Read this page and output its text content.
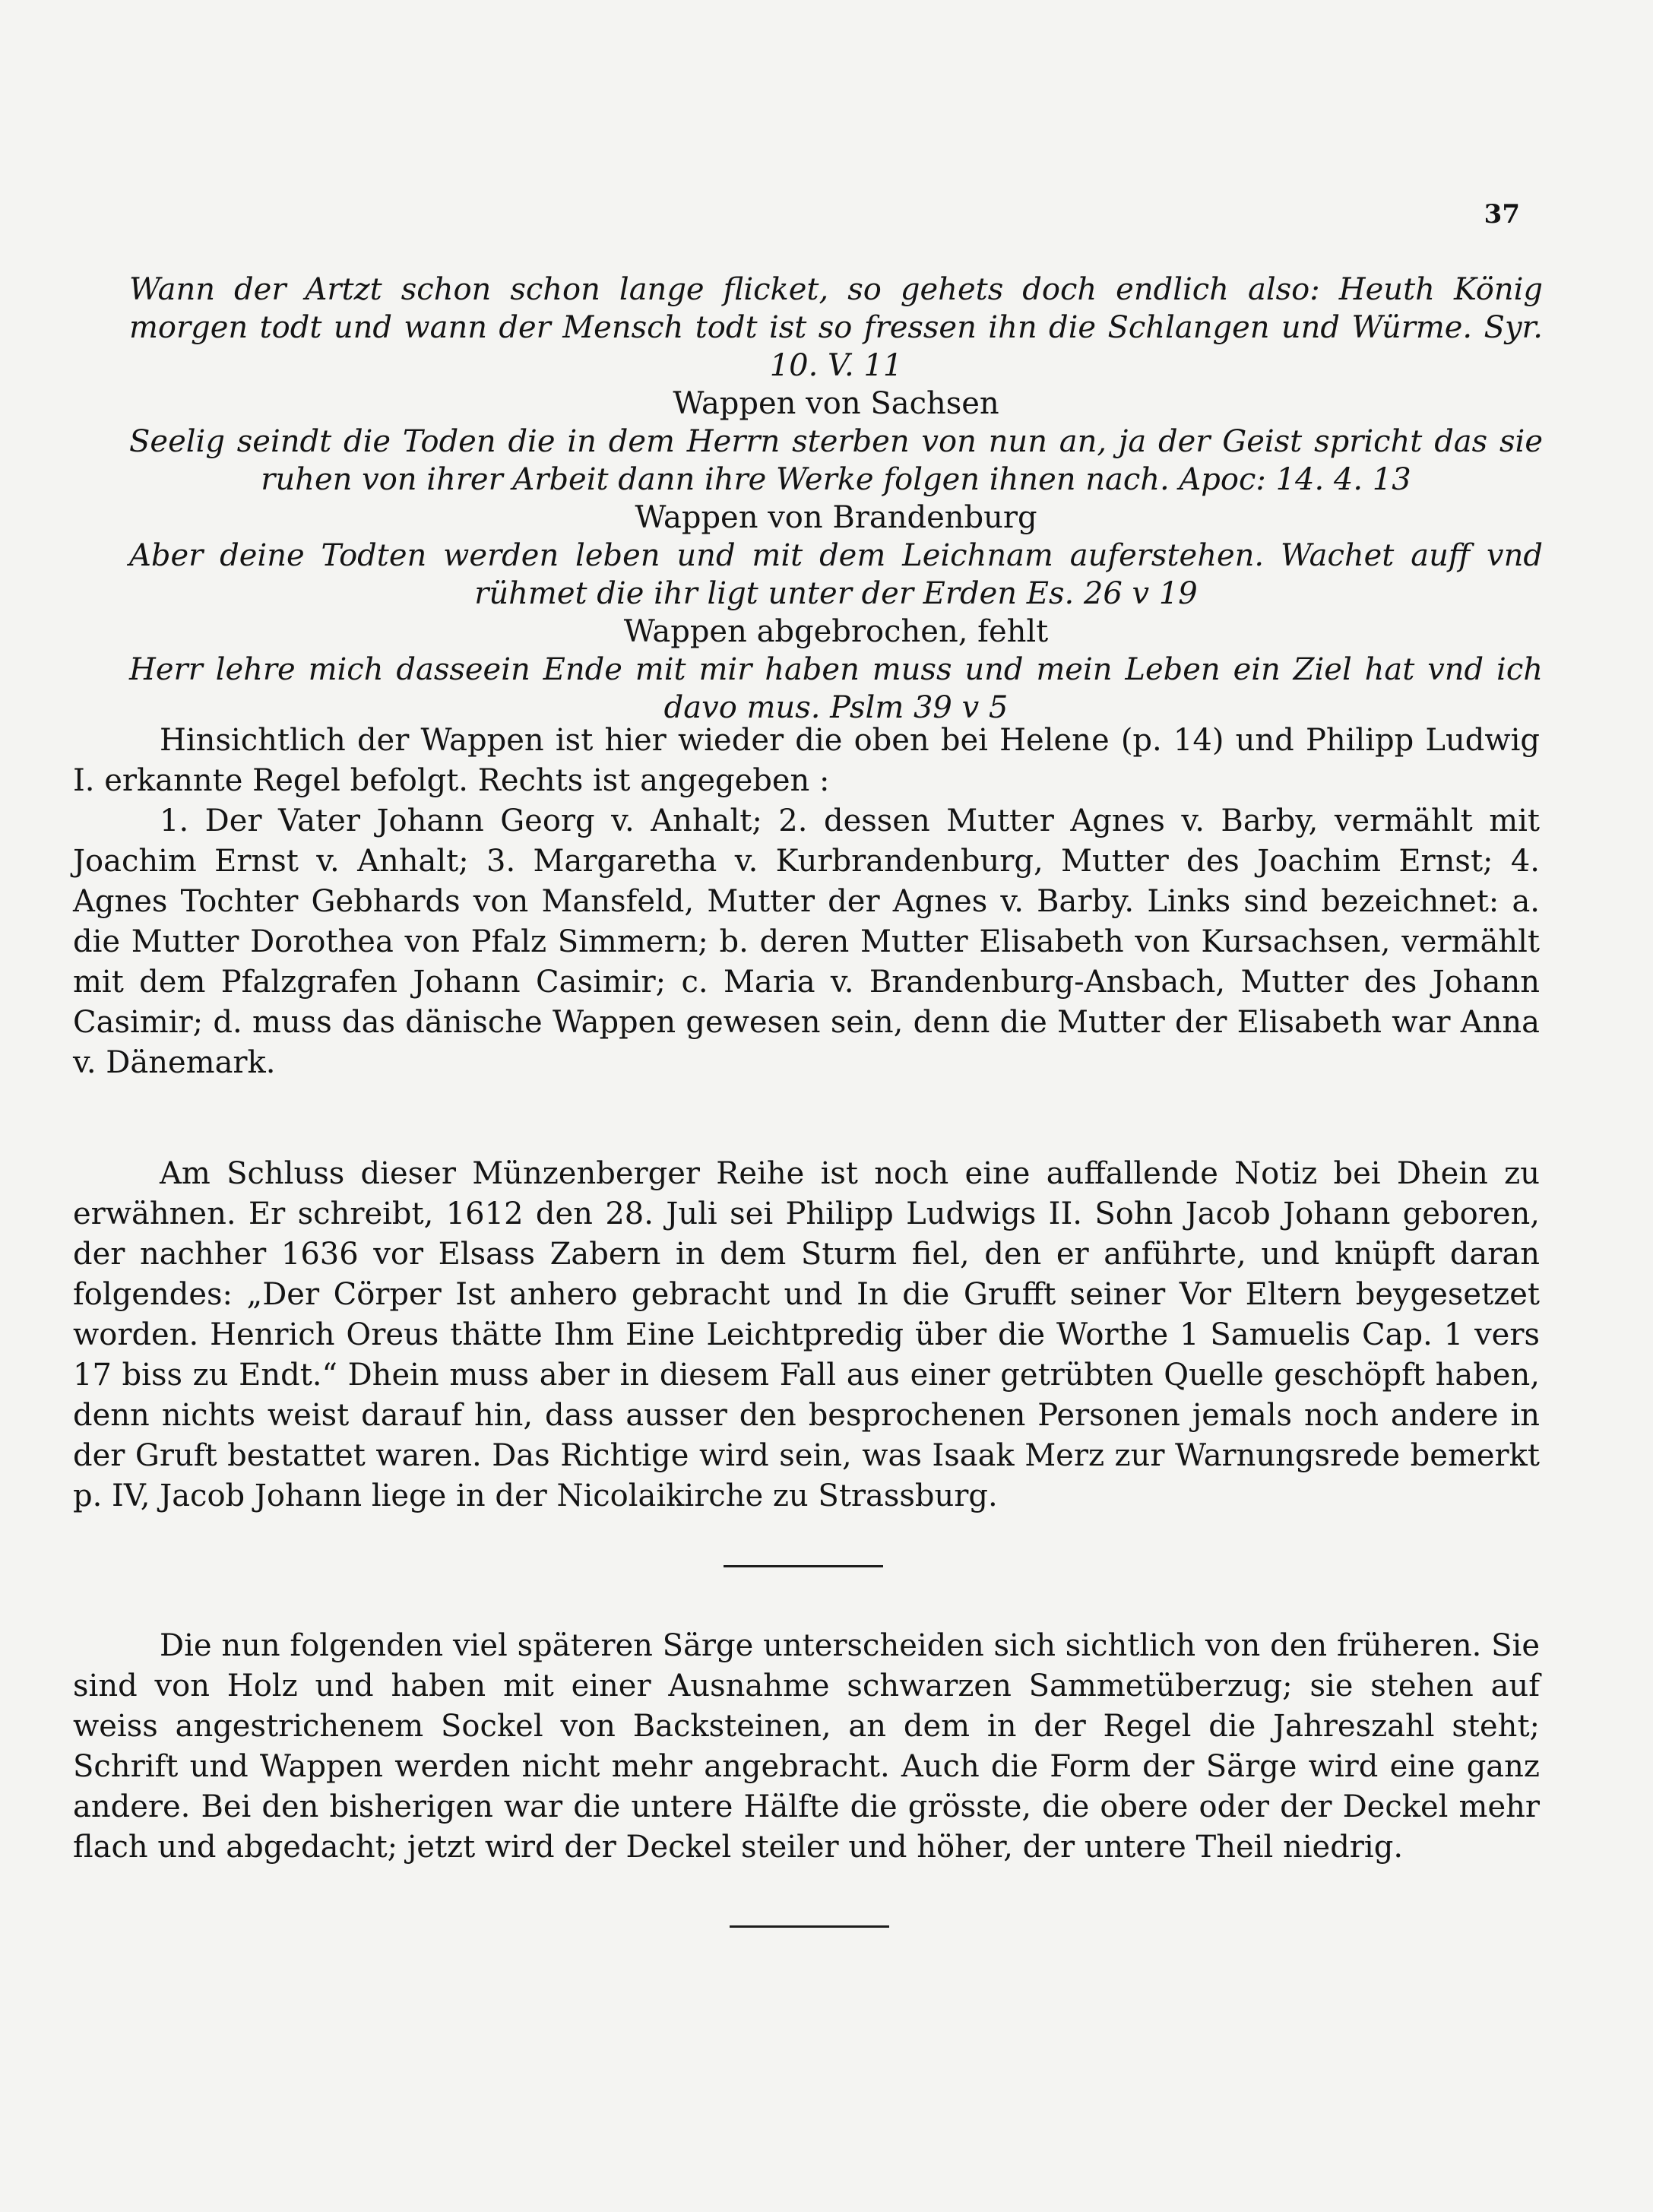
37
Wann der Artzt schon schon lange flicket, so gehets doch endlich also: Heuth König morgen todt und wann der Mensch todt ist so fressen ihn die Schlangen und Würme. Syr. 10. V. 11
Wappen von Sachsen
Seelig seindt die Toden die in dem Herrn sterben von nun an, ja der Geist spricht das sie ruhen von ihrer Arbeit dann ihre Werke folgen ihnen nach. Apoc: 14. 4. 13
Wappen von Brandenburg
Aber deine Todten werden leben und mit dem Leichnam auferstehen. Wachet auff vnd rühmet die ihr ligt unter der Erden Es. 26 v 19
Wappen abgebrochen, fehlt
Herr lehre mich dasseein Ende mit mir haben muss und mein Leben ein Ziel hat vnd ich davo mus. Pslm 39 v 5

Hinsichtlich der Wappen ist hier wieder die oben bei Helene (p. 14) und Philipp Ludwig I. erkannte Regel befolgt. Rechts ist angegeben :

1. Der Vater Johann Georg v. Anhalt; 2. dessen Mutter Agnes v. Barby, vermählt mit Joachim Ernst v. Anhalt; 3. Margaretha v. Kurbrandenburg, Mutter des Joachim Ernst; 4. Agnes Tochter Gebhards von Mansfeld, Mutter der Agnes v. Barby. Links sind bezeichnet: a. die Mutter Dorothea von Pfalz Simmern; b. deren Mutter Elisabeth von Kursachsen, vermählt mit dem Pfalzgrafen Johann Casimir; c. Maria v. Brandenburg-Ansbach, Mutter des Johann Casimir; d. muss das dänische Wappen gewesen sein, denn die Mutter der Elisabeth war Anna v. Dänemark.

Am Schluss dieser Münzenberger Reihe ist noch eine auffallende Notiz bei Dhein zu erwähnen. Er schreibt, 1612 den 28. Juli sei Philipp Ludwigs II. Sohn Jacob Johann geboren, der nachher 1636 vor Elsass Zabern in dem Sturm fiel, den er anführte, und knüpft daran folgendes: „Der Cörper Ist anhero gebracht und In die Grufft seiner Vor Eltern beygesetzet worden. Henrich Oreus thätte Ihm Eine Leichtpredig über die Worthe 1 Samuelis Cap. 1 vers 17 biss zu Endt.“ Dhein muss aber in diesem Fall aus einer getrübten Quelle geschöpft haben, denn nichts weist darauf hin, dass ausser den besprochenen Personen jemals noch andere in der Gruft bestattet waren. Das Richtige wird sein, was Isaak Merz zur Warnungsrede bemerkt p. IV, Jacob Johann liege in der Nicolaikirche zu Strassburg.

Die nun folgenden viel späteren Särge unterscheiden sich sichtlich von den früheren. Sie sind von Holz und haben mit einer Ausnahme schwarzen Sammetüberzug; sie stehen auf weiss angestrichenem Sockel von Backsteinen, an dem in der Regel die Jahreszahl steht; Schrift und Wappen werden nicht mehr angebracht. Auch die Form der Särge wird eine ganz andere. Bei den bisherigen war die untere Hälfte die grösste, die obere oder der Deckel mehr flach und abgedacht; jetzt wird der Deckel steiler und höher, der untere Theil niedrig.
